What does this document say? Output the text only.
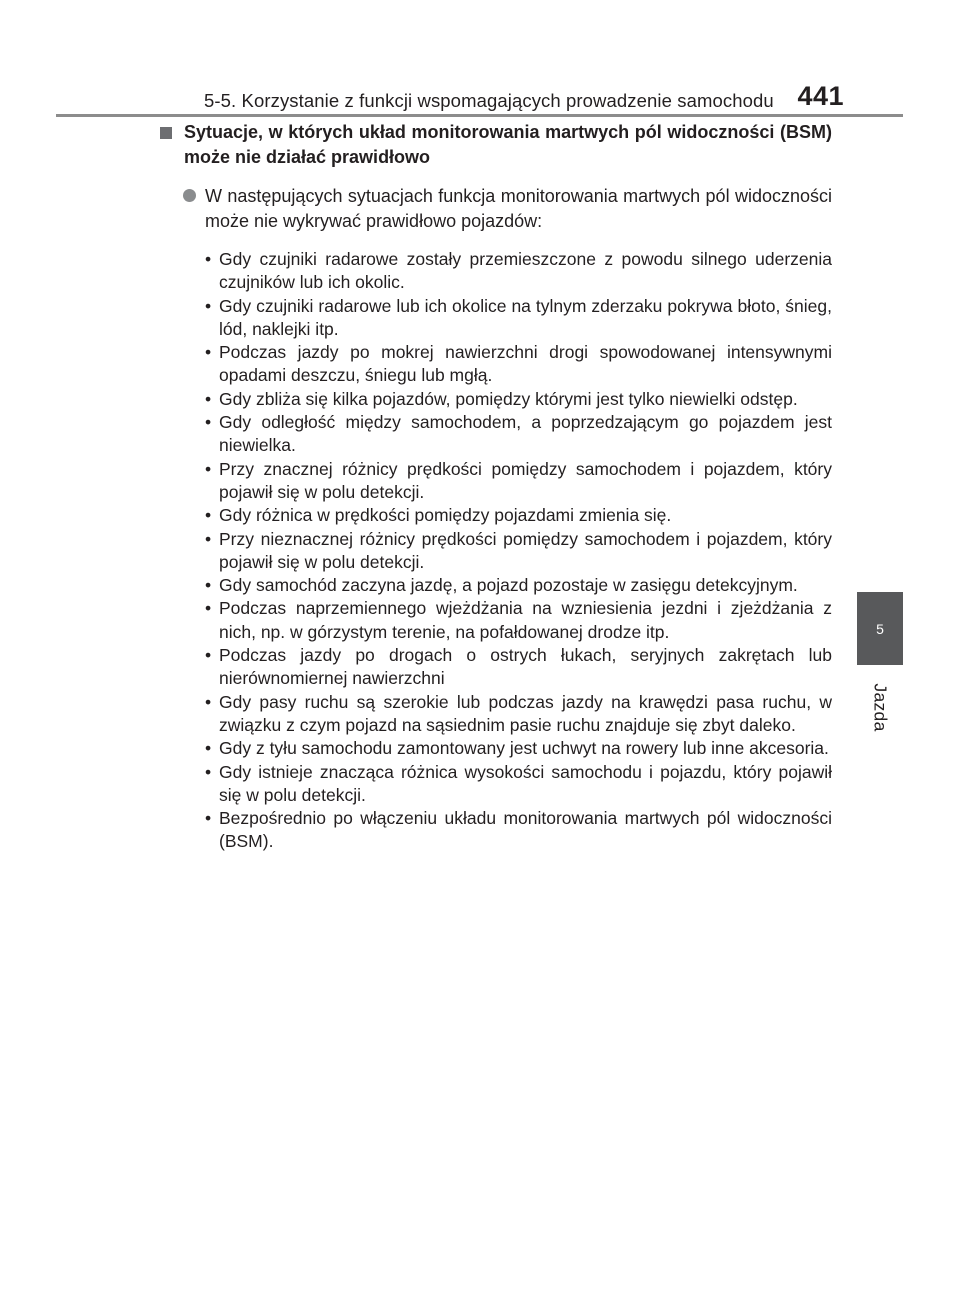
5-5. Korzystanie z funkcji wspomagających prowadzenie samochodu 441
5
Jazda
Sytuacje, w których układ monitorowania martwych pól widoczności (BSM) może nie działać prawidłowo
W następujących sytuacjach funkcja monitorowania martwych pól widoczności może nie wykrywać prawidłowo pojazdów:
• Gdy czujniki radarowe zostały przemieszczone z powodu silnego uderzenia czujników lub ich okolic.
• Gdy czujniki radarowe lub ich okolice na tylnym zderzaku pokrywa błoto, śnieg, lód, naklejki itp.
• Podczas jazdy po mokrej nawierzchni drogi spowodowanej intensywnymi opadami deszczu, śniegu lub mgłą.
• Gdy zbliża się kilka pojazdów, pomiędzy którymi jest tylko niewielki odstęp.
• Gdy odległość między samochodem, a poprzedzającym go pojazdem jest niewielka.
• Przy znacznej różnicy prędkości pomiędzy samochodem i pojazdem, który pojawił się w polu detekcji.
• Gdy różnica w prędkości pomiędzy pojazdami zmienia się.
• Przy nieznacznej różnicy prędkości pomiędzy samochodem i pojazdem, który pojawił się w polu detekcji.
• Gdy samochód zaczyna jazdę, a pojazd pozostaje w zasięgu detekcyjnym.
• Podczas naprzemiennego wjeżdżania na wzniesienia jezdni i zjeżdżania z nich, np. w górzystym terenie, na pofałdowanej drodze itp.
• Podczas jazdy po drogach o ostrych łukach, seryjnych zakrętach lub nierównomiernej nawierzchni
• Gdy pasy ruchu są szerokie lub podczas jazdy na krawędzi pasa ruchu, w związku z czym pojazd na sąsiednim pasie ruchu znajduje się zbyt daleko.
• Gdy z tyłu samochodu zamontowany jest uchwyt na rowery lub inne akcesoria.
• Gdy istnieje znacząca różnica wysokości samochodu i pojazdu, który pojawił się w polu detekcji.
• Bezpośrednio po włączeniu układu monitorowania martwych pól widoczności (BSM).
